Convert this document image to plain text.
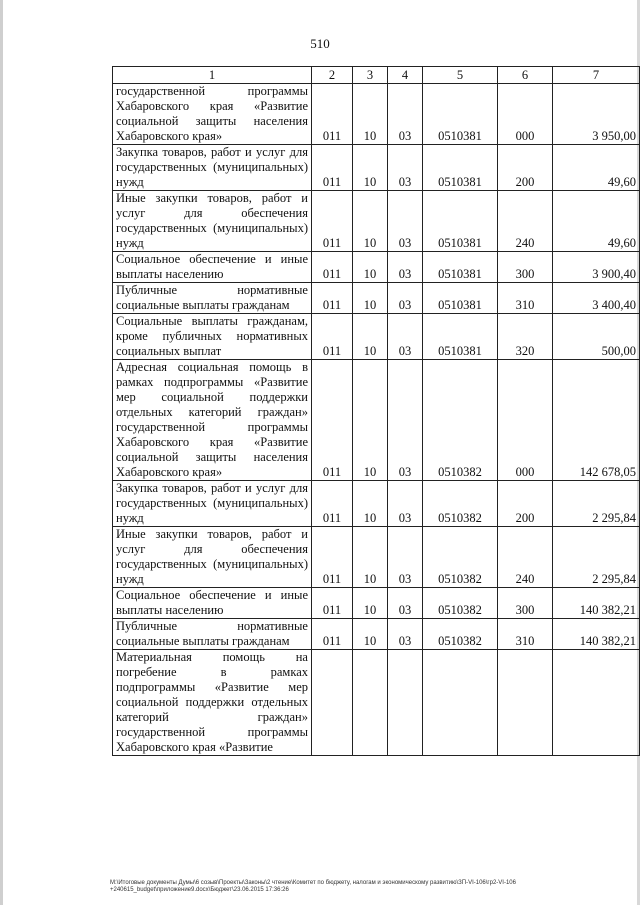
510
1	2	3	4	5	6	7
государственной программы Хабаровского края «Развитие социальной защиты населения Хабаровского края»	011	10	03	0510381	000	3 950,00
Закупка товаров, работ и услуг для государственных (муниципальных) нужд	011	10	03	0510381	200	49,60
Иные закупки товаров, работ и услуг для обеспечения государственных (муниципальных) нужд	011	10	03	0510381	240	49,60
Социальное обеспечение и иные выплаты населению	011	10	03	0510381	300	3 900,40
Публичные нормативные социальные выплаты гражданам	011	10	03	0510381	310	3 400,40
Социальные выплаты гражданам, кроме публичных нормативных социальных выплат	011	10	03	0510381	320	500,00
Адресная социальная помощь в рамках подпрограммы «Развитие мер социальной поддержки отдельных категорий граждан» государственной программы Хабаровского края «Развитие социальной защиты населения Хабаровского края»	011	10	03	0510382	000	142 678,05
Закупка товаров, работ и услуг для государственных (муниципальных) нужд	011	10	03	0510382	200	2 295,84
Иные закупки товаров, работ и услуг для обеспечения государственных (муниципальных) нужд	011	10	03	0510382	240	2 295,84
Социальное обеспечение и иные выплаты населению	011	10	03	0510382	300	140 382,21
Публичные нормативные социальные выплаты гражданам	011	10	03	0510382	310	140 382,21
Материальная помощь на погребение в рамках подпрограммы «Развитие мер социальной поддержки отдельных категорий граждан» государственной программы Хабаровского края «Развитие						
M:\Итоговые документы Думы\6 созыв\Проекты\Законы\2 чтение\Комитет по бюджету, налогам и экономическому развитию\ЗП-VI-106\гр2-VI-106 +240615_budget\приложение9.docx\Бюджет\23.06.2015 17:36:26
